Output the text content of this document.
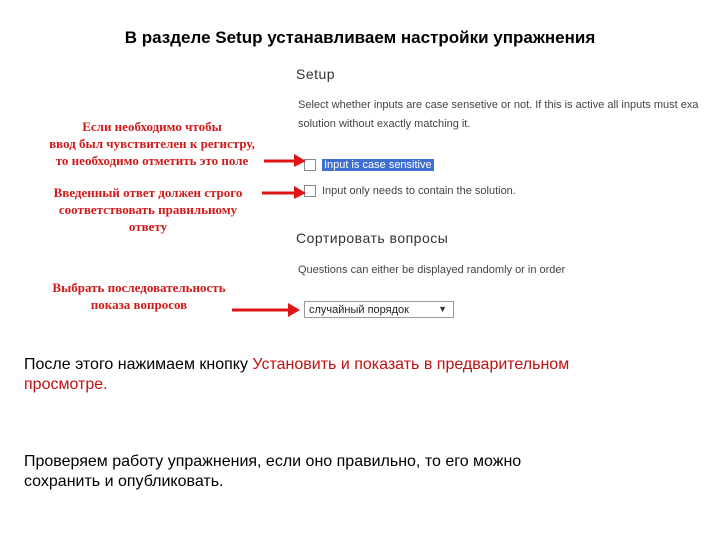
В разделе Setup устанавливаем настройки упражнения
Setup
Select whether inputs are case sensetive or not. If this is active all inputs must exa
solution without exactly matching it.
Input is case sensitive
Input only needs to contain the solution.
Сортировать вопросы
Questions can either be displayed randomly or in order
случайный порядок	▼
Если необходимо чтобы
ввод был чувствителен к регистру,
то необходимо отметить это поле
Введенный ответ должен строго
соответствовать правильному
ответу
Выбрать последовательность
показа вопросов
После этого нажимаем кнопку Установить и показать в предварительном
просмотре.
Проверяем работу упражнения, если оно правильно, то его можно
сохранить и опубликовать.
